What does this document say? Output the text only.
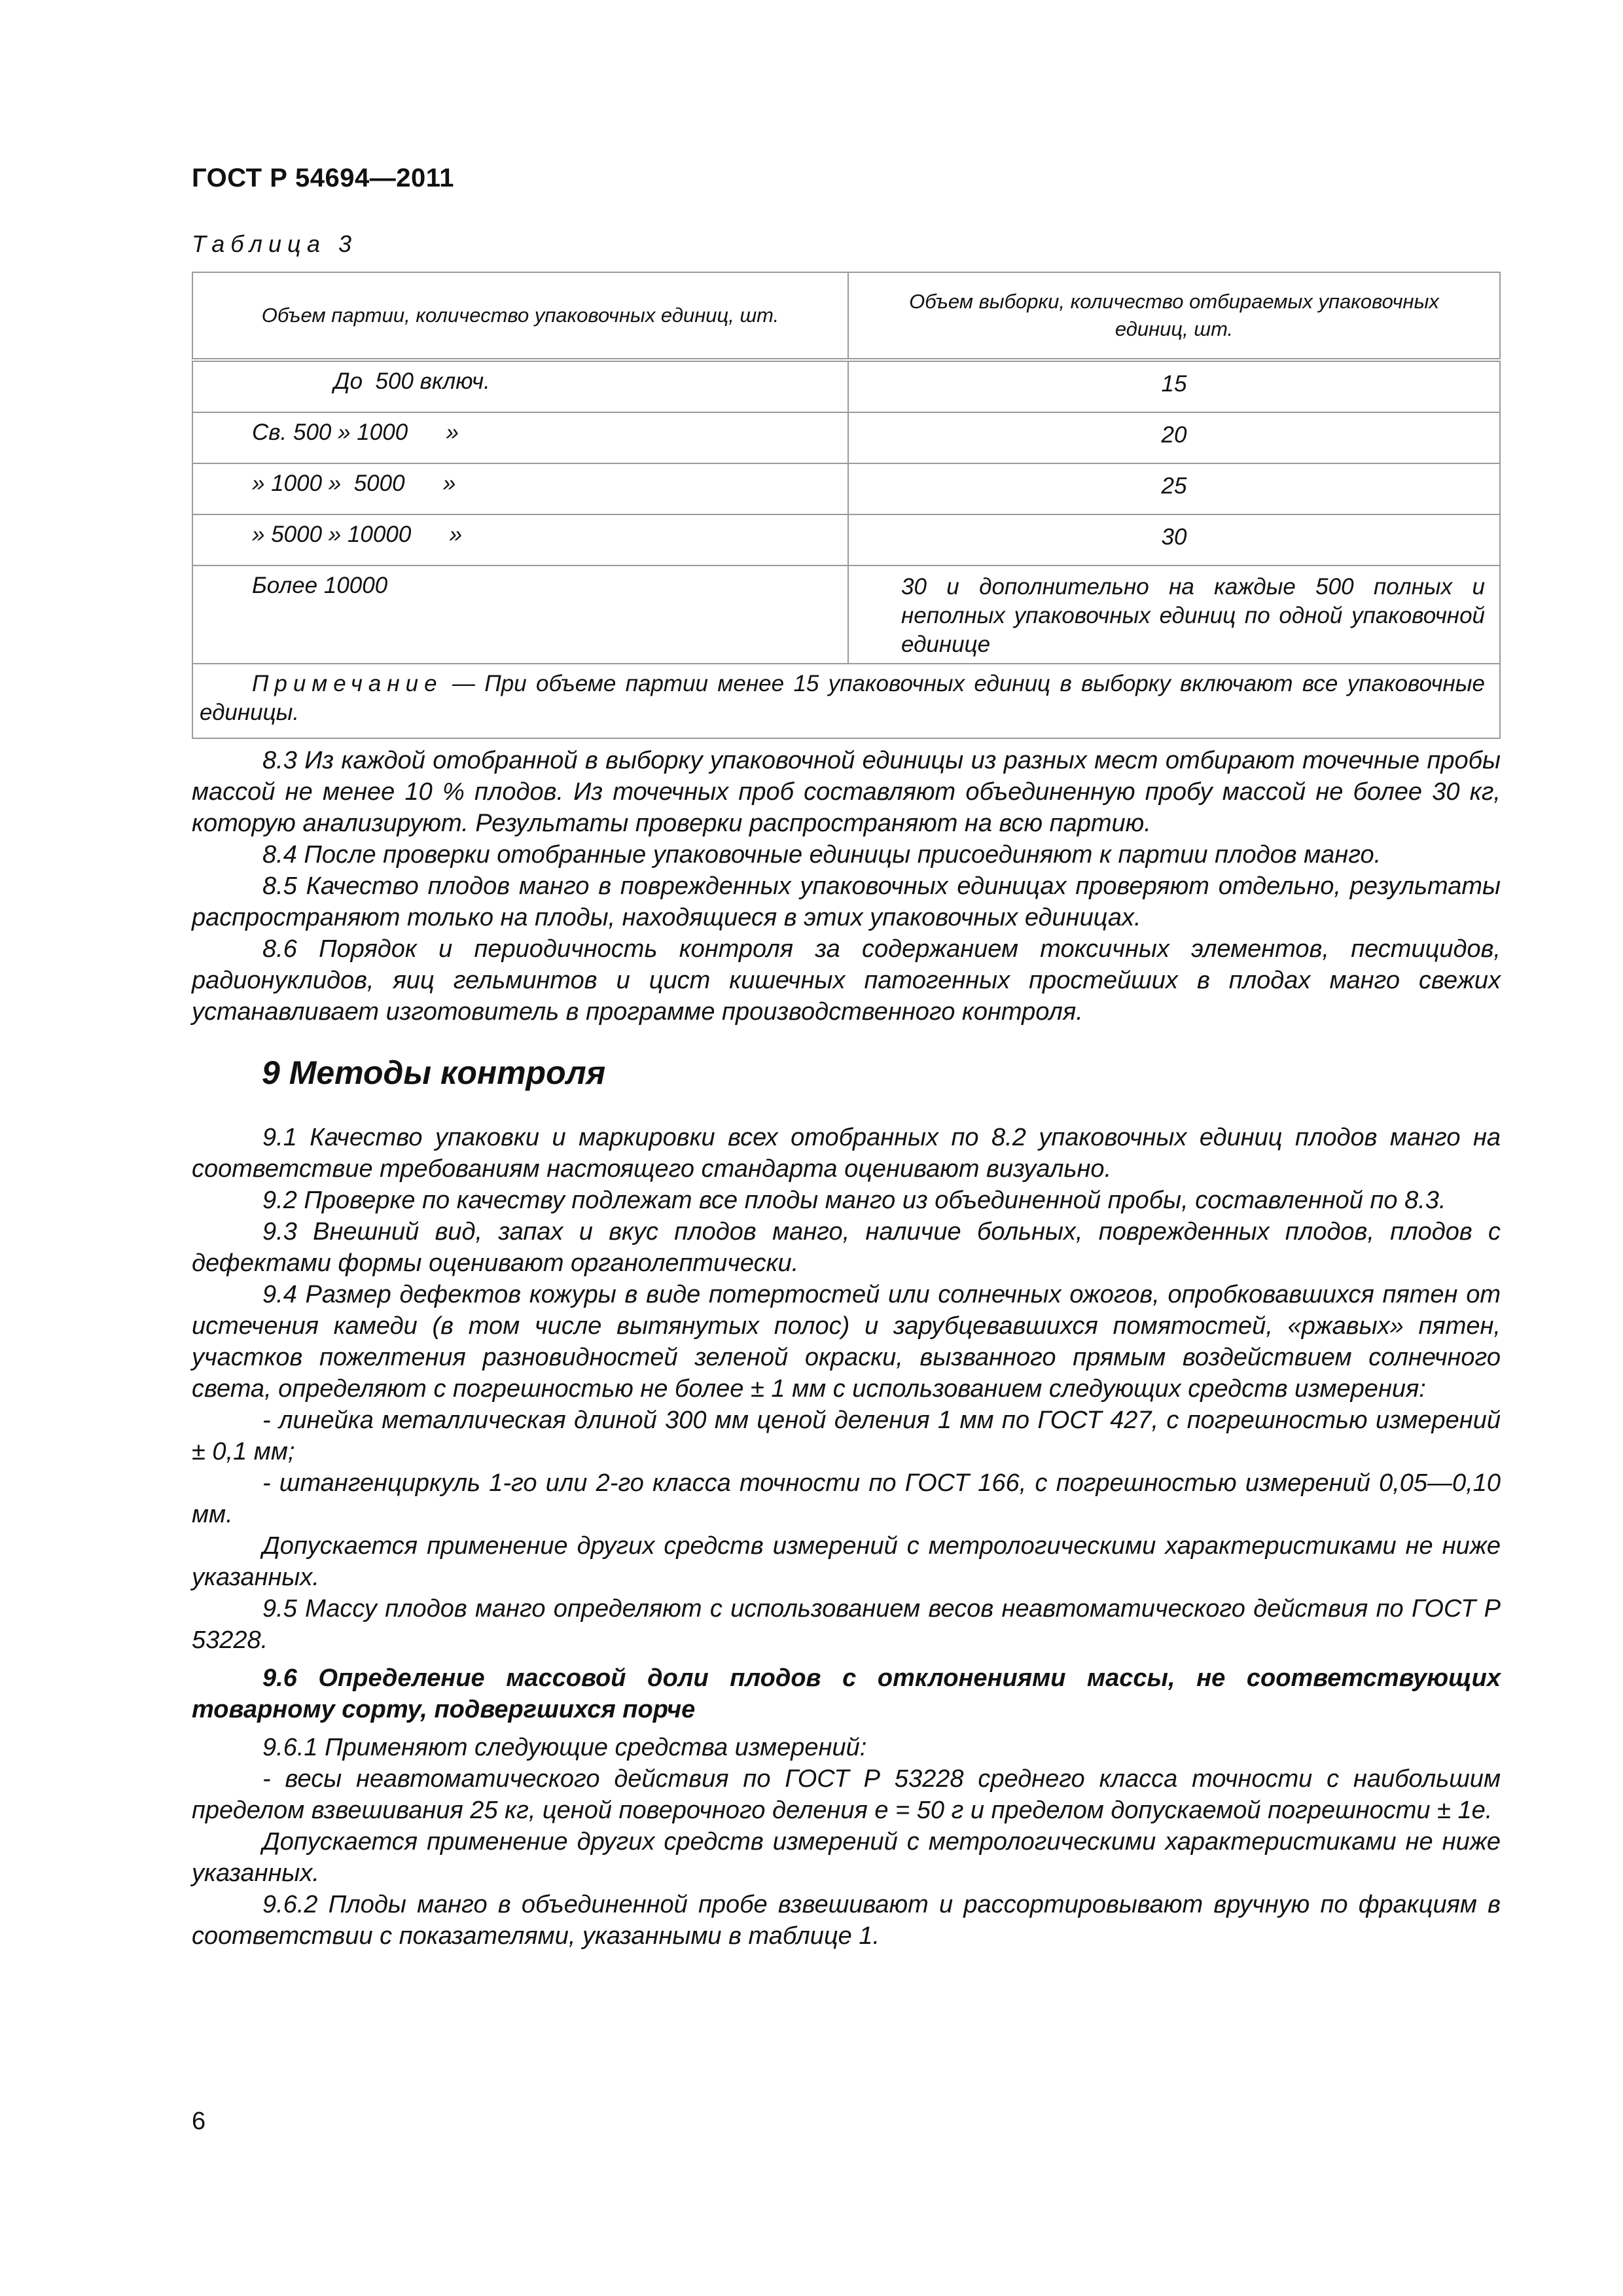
ГОСТ Р 54694—2011
Таблица 3
Объем партии, количество упаковочных единиц, шт.	Объем выборки, количество отбираемых упаковочных единиц, шт.
До  500 включ.	15
Св. 500 » 1000      »	20
» 1000 »  5000      »	25
» 5000 » 10000      »	30
Более 10000	30 и дополнительно на каждые 500 полных и неполных упаковочных единиц по одной упаковочной единице
Примечание — При объеме партии менее 15 упаковочных единиц в выборку включают все упаковочные единицы.	

8.3 Из каждой отобранной в выборку упаковочной единицы из разных мест отбирают точечные пробы массой не менее 10 % плодов. Из точечных проб составляют объединенную пробу массой не более 30 кг, которую анализируют. Результаты проверки распространяют на всю партию.

8.4 После проверки отобранные упаковочные единицы присоединяют к партии плодов манго.

8.5 Качество плодов манго в поврежденных упаковочных единицах проверяют отдельно, результаты распространяют только на плоды, находящиеся в этих упаковочных единицах.

8.6 Порядок и периодичность контроля за содержанием токсичных элементов, пестицидов, радионуклидов, яиц гельминтов и цист кишечных патогенных простейших в плодах манго свежих устанавливает изготовитель в программе производственного контроля.

9 Методы контроля

9.1 Качество упаковки и маркировки всех отобранных по 8.2 упаковочных единиц плодов манго на соответствие требованиям настоящего стандарта оценивают визуально.

9.2 Проверке по качеству подлежат все плоды манго из объединенной пробы, составленной по 8.3.

9.3 Внешний вид, запах и вкус плодов манго, наличие больных, поврежденных плодов, плодов с дефектами формы оценивают органолептически.

9.4 Размер дефектов кожуры в виде потертостей или солнечных ожогов, опробковавшихся пятен от истечения камеди (в том числе вытянутых полос) и зарубцевавшихся помятостей, «ржавых» пятен, участков пожелтения разновидностей зеленой окраски, вызванного прямым воздействием солнечного света, определяют с погрешностью не более ± 1 мм с использованием следующих средств измерения:

- линейка металлическая длиной 300 мм ценой деления 1 мм по ГОСТ 427, с погрешностью измерений ± 0,1 мм;

- штангенциркуль 1-го или 2-го класса точности по ГОСТ 166, с погрешностью измерений 0,05—0,10 мм.

Допускается применение других средств измерений с метрологическими характеристиками не ниже указанных.

9.5 Массу плодов манго определяют с использованием весов неавтоматического действия по ГОСТ Р 53228.

9.6 Определение массовой доли плодов с отклонениями массы, не соответствующих товарному сорту, подвергшихся порче

9.6.1 Применяют следующие средства измерений:

- весы неавтоматического действия по ГОСТ Р 53228 среднего класса точности с наибольшим пределом взвешивания 25 кг, ценой поверочного деления e = 50 г и пределом допускаемой погрешности ± 1e.

Допускается применение других средств измерений с метрологическими характеристиками не ниже указанных.

9.6.2 Плоды манго в объединенной пробе взвешивают и рассортировывают вручную по фракциям в соответствии с показателями, указанными в таблице 1.

6
